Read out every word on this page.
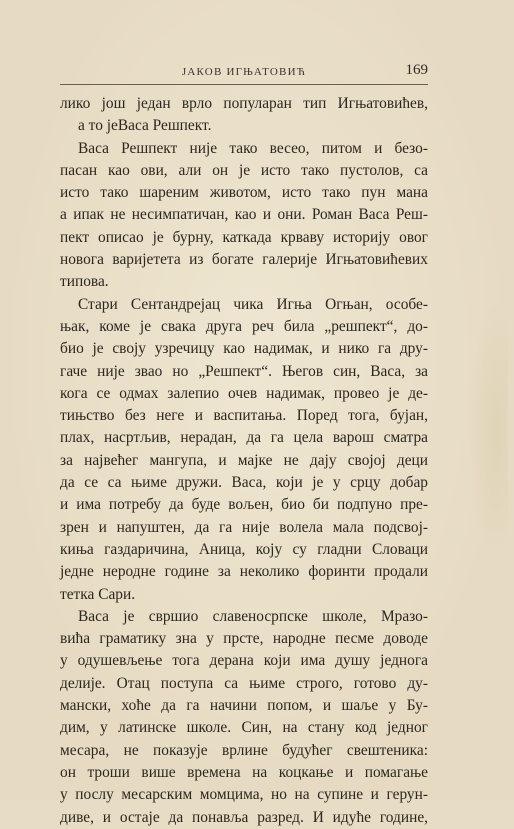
ЈАКОВ ИГЊАТОВИЋ	169
лико још један врло популаран тип Игњатовићев,
а то јеВаса Решпект.
Васа Решпект није тако весео, питом и безо-
пасан као ови, али он је исто тако пустолов, са
исто тако шареним животом, исто тако пун мана
а ипак не несимпатичан, као и они. Роман Васа Реш-
пект описао је бурну, каткада крваву историју овог
новога варијетета из богате галерије Игњатовићевих
типова.
Стари Сентандрејац чика Игња Огњан, особе-
њак, коме је свака друга реч била „решпект“, до-
био је своју узречицу као надимак, и нико га дру-
гаче није звао но „Решпект“. Његов син, Васа, за
кога се одмах залепио очев надимак, провео је де-
тињство без неге и васпитања. Поред тога, бујан,
плах, насртљив, нерадан, да га цела варош сматра
за највећег мангупа, и мајке не дају својој деци
да се са њиме дружи. Васа, који је у срцу добар
и има потребу да буде вољен, био би подпуно пре-
зрен и напуштен, да га није волела мала подсвој-
киња газдаричина, Аница, коју су гладни Словаци
једне неродне године за неколико форинти продали
тетка Сари.
Васа је свршио славеносрпске школе, Мразо-
вића граматику зна у прсте, народне песме доводе
у одушевљење тога дерана који има душу једнога
делије. Отац поступа са њиме строго, готово ду-
мански, хоће да га начини попом, и шаље у Бу-
дим, у латинске школе. Син, на стану код једног
месара, не показује врлине будућег свештеника:
он троши више времена на коцкање и помагање
у послу месарским момцима, но на супине и герун-
диве, и остаје да понавља разред. И идуће године,
